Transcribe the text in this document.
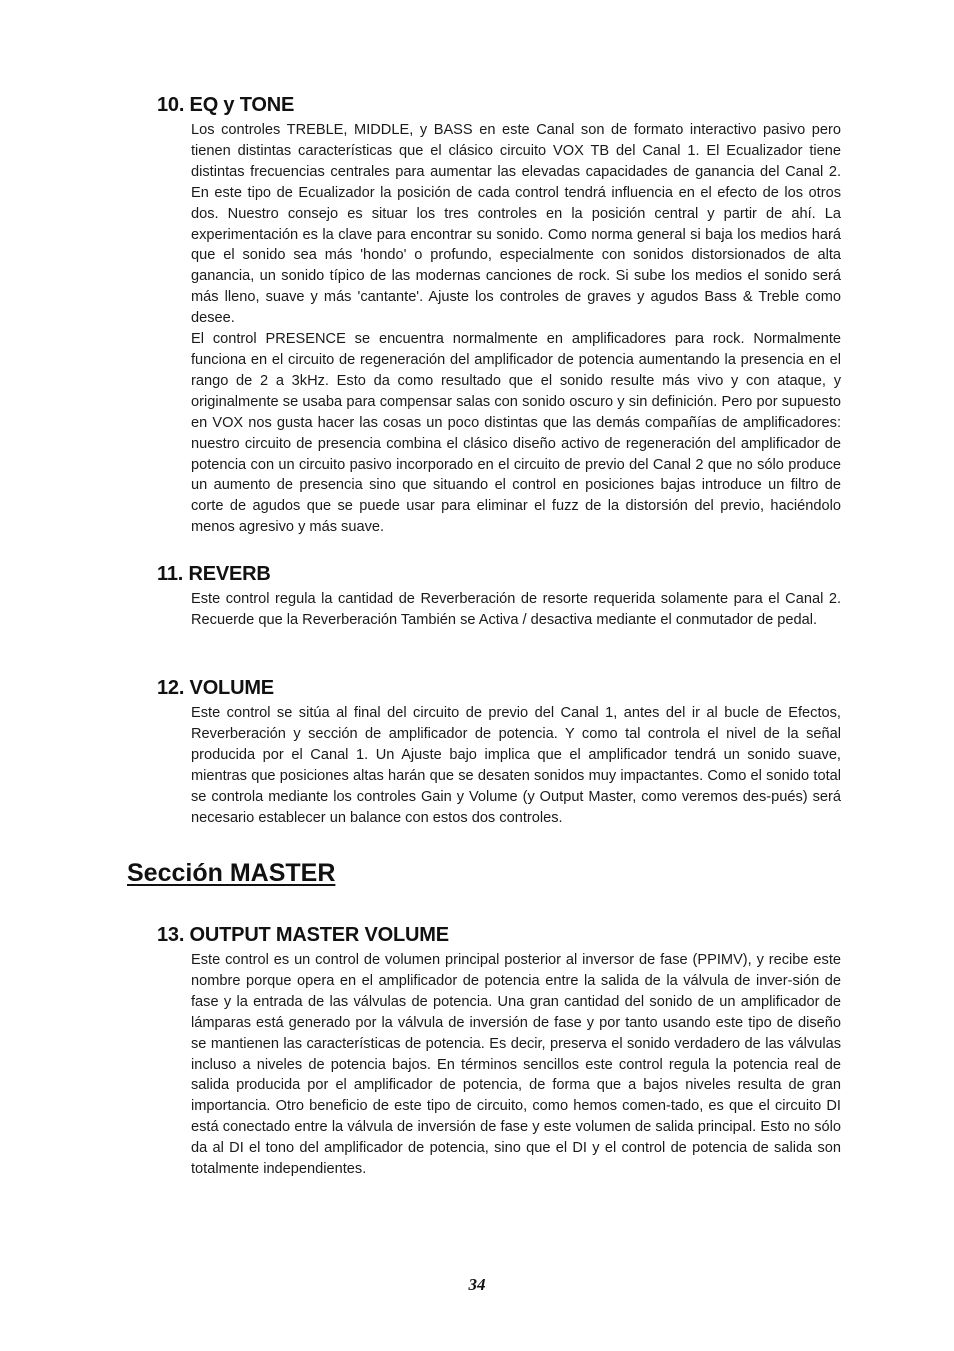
10. EQ y TONE

Los controles TREBLE, MIDDLE, y BASS en este Canal son de formato interactivo pasivo pero tienen distintas características que el clásico circuito VOX TB del Canal 1. El Ecualizador tiene distintas frecuencias centrales para aumentar las elevadas capacidades de ganancia del Canal 2. En este tipo de Ecualizador la posición de cada control tendrá influencia en el efecto de los otros dos. Nuestro consejo es situar los tres controles en la posición central y partir de ahí. La experimentación es la clave para encontrar su sonido. Como norma general si baja los medios hará que el sonido sea más 'hondo' o profundo, especialmente con sonidos distorsionados de alta ganancia, un sonido típico de las modernas canciones de rock. Si sube los medios el sonido será más lleno, suave y más 'cantante'. Ajuste los controles de graves y agudos Bass & Treble como desee.

El control PRESENCE se encuentra normalmente en amplificadores para rock. Normalmente funciona en el circuito de regeneración del amplificador de potencia aumentando la presencia en el rango de 2 a 3kHz. Esto da como resultado que el sonido resulte más vivo y con ataque, y originalmente se usaba para compensar salas con sonido oscuro y sin definición. Pero por supuesto en VOX nos gusta hacer las cosas un poco distintas que las demás compañías de amplificadores: nuestro circuito de presencia combina el clásico diseño activo de regeneración del amplificador de potencia con un circuito pasivo incorporado en el circuito de previo del Canal 2 que no sólo produce un aumento de presencia sino que situando el control en posiciones bajas introduce un filtro de corte de agudos que se puede usar para eliminar el fuzz de la distorsión del previo, haciéndolo menos agresivo y más suave.

11. REVERB

Este control regula la cantidad de Reverberación de resorte requerida solamente para el Canal 2. Recuerde que la Reverberación También se Activa / desactiva mediante el conmutador de pedal.

12. VOLUME

Este control se sitúa al final del circuito de previo del Canal 1, antes del ir al bucle de Efectos, Reverberación y sección de amplificador de potencia. Y como tal controla el nivel de la señal producida por el Canal 1. Un Ajuste bajo implica que el amplificador tendrá un sonido suave, mientras que posiciones altas harán que se desaten sonidos muy impactantes. Como el sonido total se controla mediante los controles Gain y Volume (y Output Master, como veremos des-pués) será necesario establecer un balance con estos dos controles.

Sección MASTER
13. OUTPUT MASTER VOLUME

Este control es un control de volumen principal posterior al inversor de fase (PPIMV), y recibe este nombre porque opera en el amplificador de potencia entre la salida de la válvula de inver-sión de fase y la entrada de las válvulas de potencia. Una gran cantidad del sonido de un amplificador de lámparas está generado por la válvula de inversión de fase y por tanto usando este tipo de diseño se mantienen las características de potencia. Es decir, preserva el sonido verdadero de las válvulas incluso a niveles de potencia bajos. En términos sencillos este control regula la potencia real de salida producida por el amplificador de potencia, de forma que a bajos niveles resulta de gran importancia. Otro beneficio de este tipo de circuito, como hemos comen-tado, es que el circuito DI está conectado entre la válvula de inversión de fase y este volumen de salida principal. Esto no sólo da al DI el tono del amplificador de potencia, sino que el DI y el control de potencia de salida son totalmente independientes.

34
